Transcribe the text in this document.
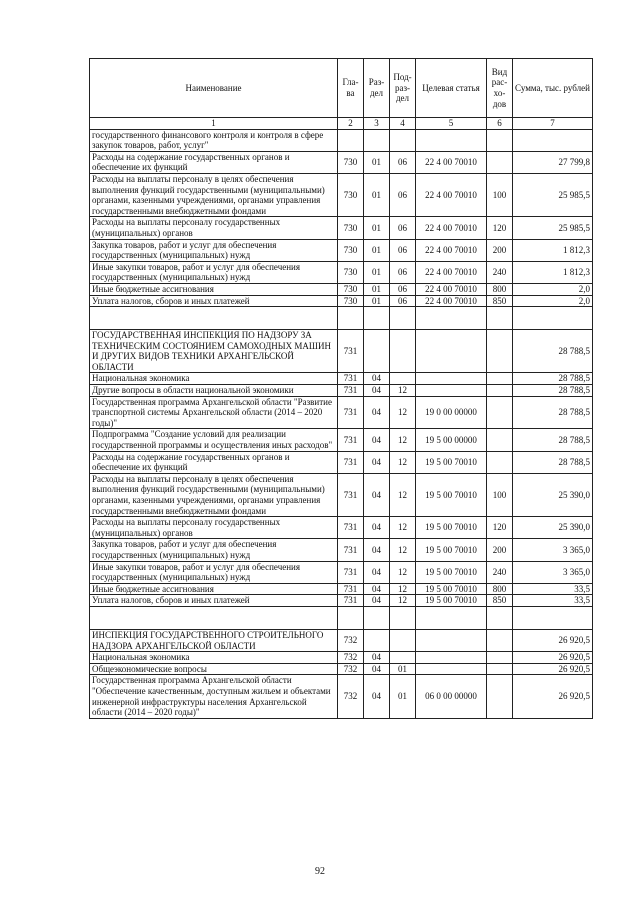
Наименование	Гла-ва	Раз-дел	Под-раз-дел	Целевая статья	Вид рас-хо-дов	Сумма, тыс. рублей
1	2	3	4	5	6	7
государственного финансового контроля и контроля в сфере закупок товаров, работ, услуг"						
Расходы на содержание государственных органов и обеспечение их функций	730	01	06	22 4 00 70010		27 799,8
Расходы на выплаты персоналу в целях обеспечения выполнения функций государственными (муниципальными) органами, казенными учреждениями, органами управления государственными внебюджетными фондами	730	01	06	22 4 00 70010	100	25 985,5
Расходы на выплаты персоналу государственных (муниципальных) органов	730	01	06	22 4 00 70010	120	25 985,5
Закупка товаров, работ и услуг для обеспечения государственных (муниципальных) нужд	730	01	06	22 4 00 70010	200	1 812,3
Иные закупки товаров, работ и услуг для обеспечения государственных (муниципальных) нужд	730	01	06	22 4 00 70010	240	1 812,3
Иные бюджетные ассигнования	730	01	06	22 4 00 70010	800	2,0
Уплата налогов, сборов и иных платежей	730	01	06	22 4 00 70010	850	2,0

ГОСУДАРСТВЕННАЯ ИНСПЕКЦИЯ ПО НАДЗОРУ ЗА ТЕХНИЧЕСКИМ СОСТОЯНИЕМ САМОХОДНЫХ МАШИН И ДРУГИХ ВИДОВ ТЕХНИКИ АРХАНГЕЛЬСКОЙ ОБЛАСТИ	731					28 788,5
Национальная экономика	731	04				28 788,5
Другие вопросы в области национальной экономики	731	04	12			28 788,5
Государственная программа Архангельской области "Развитие транспортной системы Архангельской области (2014 – 2020 годы)"	731	04	12	19 0 00 00000		28 788,5
Подпрограмма "Создание условий для реализации государственной программы и осуществления иных расходов"	731	04	12	19 5 00 00000		28 788,5
Расходы на содержание государственных органов и обеспечение их функций	731	04	12	19 5 00 70010		28 788,5
Расходы на выплаты персоналу в целях обеспечения выполнения функций государственными (муниципальными) органами, казенными учреждениями, органами управления государственными внебюджетными фондами	731	04	12	19 5 00 70010	100	25 390,0
Расходы на выплаты персоналу государственных (муниципальных) органов	731	04	12	19 5 00 70010	120	25 390,0
Закупка товаров, работ и услуг для обеспечения государственных (муниципальных) нужд	731	04	12	19 5 00 70010	200	3 365,0
Иные закупки товаров, работ и услуг для обеспечения государственных (муниципальных) нужд	731	04	12	19 5 00 70010	240	3 365,0
Иные бюджетные ассигнования	731	04	12	19 5 00 70010	800	33,5
Уплата налогов, сборов и иных платежей	731	04	12	19 5 00 70010	850	33,5

ИНСПЕКЦИЯ ГОСУДАРСТВЕННОГО СТРОИТЕЛЬНОГО НАДЗОРА АРХАНГЕЛЬСКОЙ ОБЛАСТИ	732					26 920,5
Национальная экономика	732	04				26 920,5
Общеэкономические вопросы	732	04	01			26 920,5
Государственная программа Архангельской области "Обеспечение качественным, доступным жильем и объектами инженерной инфраструктуры населения Архангельской области (2014 – 2020 годы)"	732	04	01	06 0 00 00000		26 920,5
92
